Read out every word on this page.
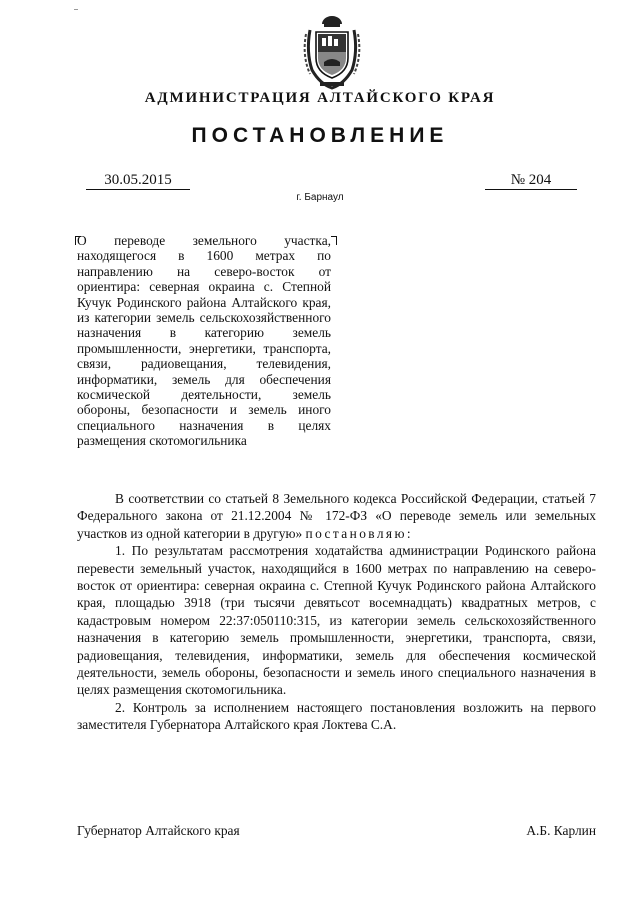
АДМИНИСТРАЦИЯ АЛТАЙСКОГО КРАЯ
ПОСТАНОВЛЕНИЕ
30.05.2015	№ 204
г. Барнаул

О переводе земельного участка, находящегося в 1600 метрах по направлению на северо-восток от ориентира: северная окраина с. Степной Кучук Родинского района Алтайского края, из категории земель сельскохозяйственного назначения в категорию земель промышленности, энергетики, транспорта, связи, радиовещания, телевидения, информатики, земель для обеспечения космической деятельности, земель обороны, безопасности и земель иного специального назначения в целях размещения скотомогильника

В соответствии со статьей 8 Земельного кодекса Российской Федерации, статьей 7 Федерального закона от 21.12.2004 № 172-ФЗ «О переводе земель или земельных участков из одной категории в другую» постановляю:

1. По результатам рассмотрения ходатайства администрации Родинского района перевести земельный участок, находящийся в 1600 метрах по направлению на северо-восток от ориентира: северная окраина с. Степной Кучук Родинского района Алтайского края, площадью 3918 (три тысячи девятьсот восемнадцать) квадратных метров, с кадастровым номером 22:37:050110:315, из категории земель сельскохозяйственного назначения в категорию земель промышленности, энергетики, транспорта, связи, радиовещания, телевидения, информатики, земель для обеспечения космической деятельности, земель обороны, безопасности и земель иного специального назначения в целях размещения скотомогильника.

2. Контроль за исполнением настоящего постановления возложить на первого заместителя Губернатора Алтайского края Локтева С.А.

Губернатор Алтайского края	А.Б. Карлин
